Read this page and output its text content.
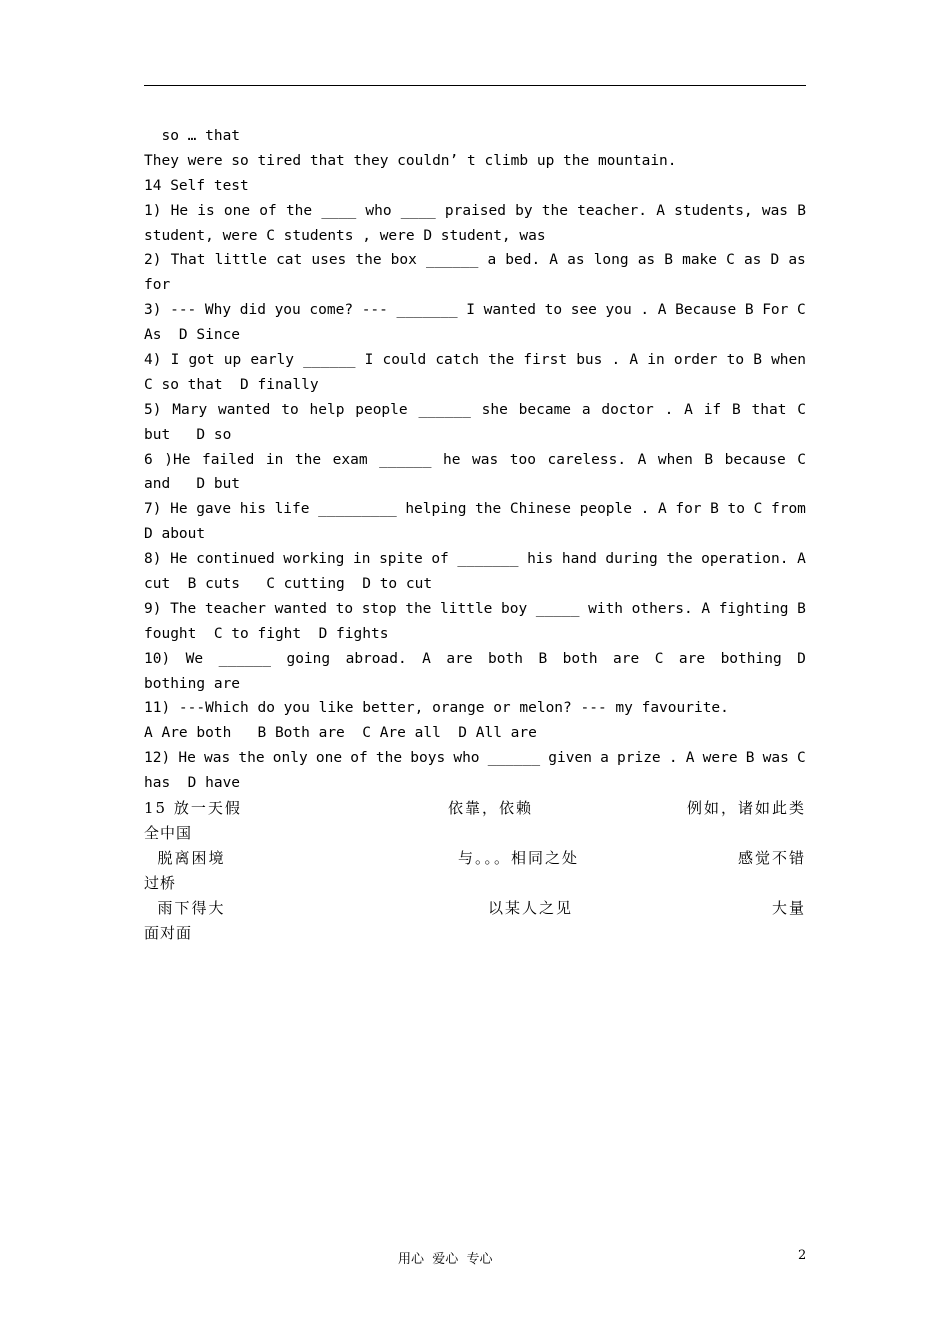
so … that
They were so tired that they couldn’ t climb up the mountain.
14 Self test
1) He is one of the ____ who ____ praised by the teacher. A students, was B
student, were C students , were D student, was
2) That little cat uses the box ______ a bed. A as long as B make C as D as
for
3) --- Why did you come? --- _______ I wanted to see you . A Because B For C
As  D Since
4) I got up early ______ I could catch the first bus . A in order to B when
C so that  D finally
5) Mary wanted to help people ______ she became a doctor . A if B that C
but   D so
6 )He failed in the exam ______ he was too careless. A when B because C
and   D but
7) He gave his life _________ helping the Chinese people . A for B to C from
D about
8) He continued working in spite of _______ his hand during the operation. A
cut  B cuts   C cutting  D to cut
9) The teacher wanted to stop the little boy _____ with others. A fighting B
fought  C to fight  D fights
10) We ______ going abroad. A are both B both are C are bothing D
bothing are
11) ---Which do you like better, orange or melon? --- my favourite.
A Are both   B Both are  C Are all  D All are
12) He was the only one of the boys who ______ given a prize . A were B was C
has  D have
15 放一天假	依靠，依赖	例如，诸如此类
全中国
脱离困境	与。。。相同之处	感觉不错
过桥
雨下得大	以某人之见	大量
面对面
用心  爱心  专心	2
